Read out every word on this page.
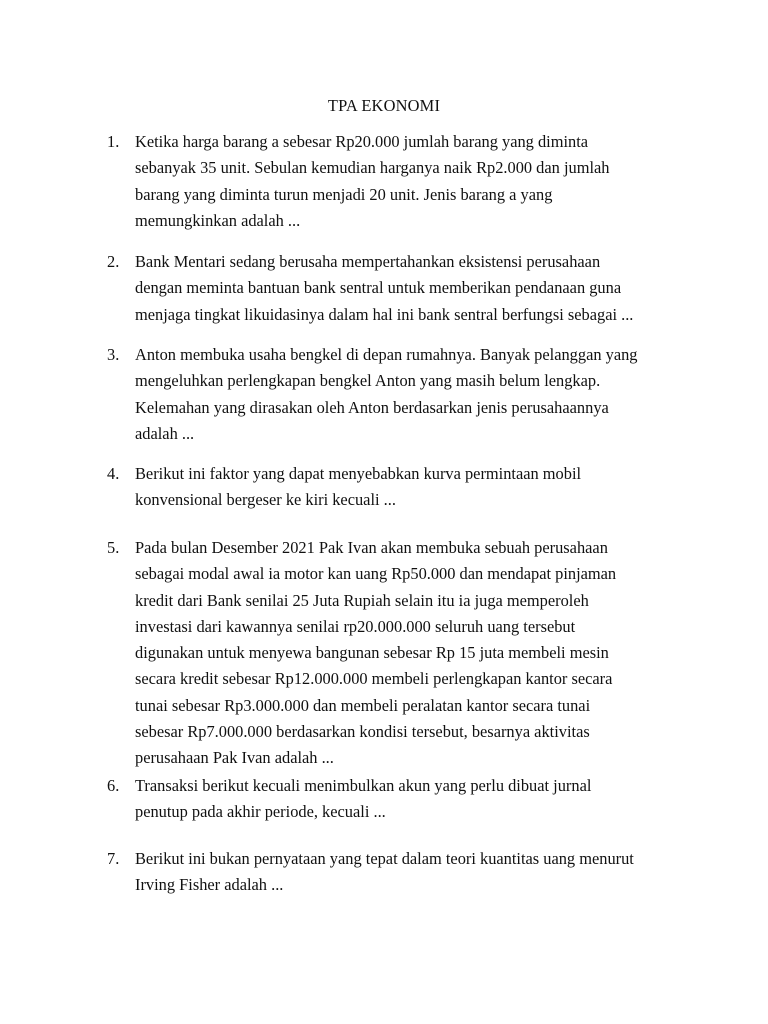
TPA EKONOMI
1. Ketika harga barang a sebesar Rp20.000 jumlah barang yang diminta
sebanyak 35 unit. Sebulan kemudian harganya naik Rp2.000 dan jumlah
barang yang diminta turun menjadi 20 unit. Jenis barang a yang
memungkinkan adalah ...
2. Bank Mentari sedang berusaha mempertahankan eksistensi perusahaan
dengan meminta bantuan bank sentral untuk memberikan pendanaan guna
menjaga tingkat likuidasinya dalam hal ini bank sentral berfungsi sebagai ...
3. Anton membuka usaha bengkel di depan rumahnya. Banyak pelanggan yang
mengeluhkan perlengkapan bengkel Anton yang masih belum lengkap.
Kelemahan yang dirasakan oleh Anton berdasarkan jenis perusahaannya
adalah ...
4. Berikut ini faktor yang dapat menyebabkan kurva permintaan mobil
konvensional bergeser ke kiri kecuali ...
5. Pada bulan Desember 2021 Pak Ivan akan membuka sebuah perusahaan
sebagai modal awal ia motor kan uang Rp50.000 dan mendapat pinjaman
kredit dari Bank senilai 25 Juta Rupiah selain itu ia juga memperoleh
investasi dari kawannya senilai rp20.000.000 seluruh uang tersebut
digunakan untuk menyewa bangunan sebesar Rp 15 juta membeli mesin
secara kredit sebesar Rp12.000.000 membeli perlengkapan kantor secara
tunai sebesar Rp3.000.000 dan membeli peralatan kantor secara tunai
sebesar Rp7.000.000 berdasarkan kondisi tersebut, besarnya aktivitas
perusahaan Pak Ivan adalah ...
6. Transaksi berikut kecuali menimbulkan akun yang perlu dibuat jurnal
penutup pada akhir periode, kecuali ...
7. Berikut ini bukan pernyataan yang tepat dalam teori kuantitas uang menurut
Irving Fisher adalah ...
